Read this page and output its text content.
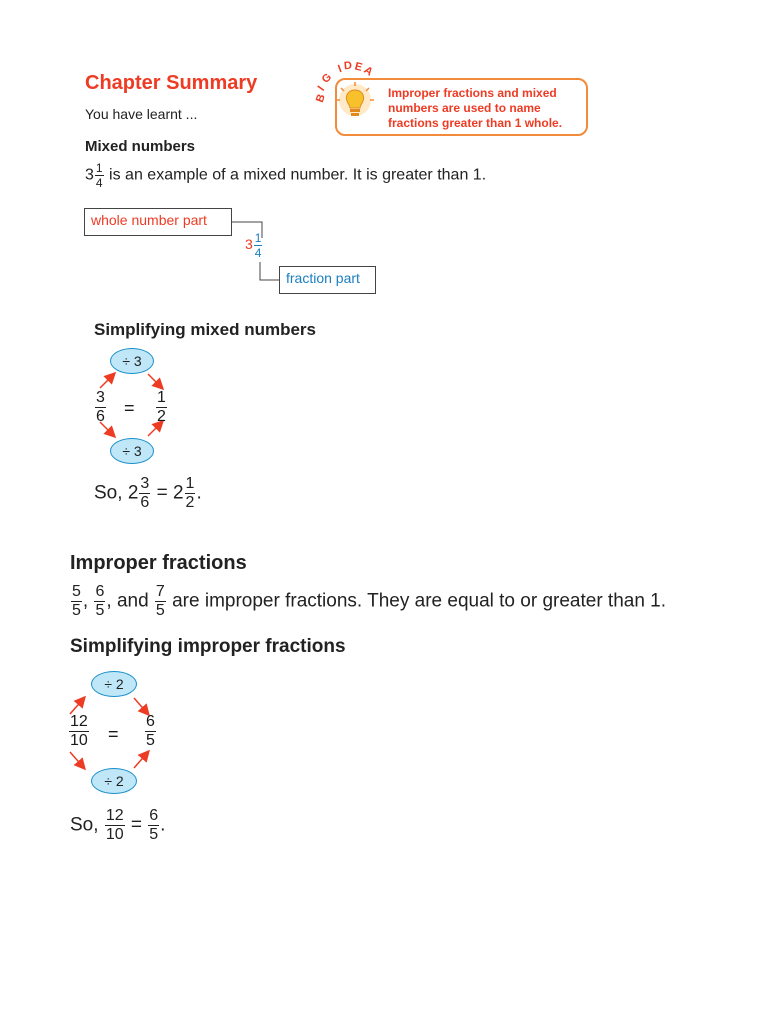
Chapter Summary
You have learnt ...
B
I
G
I D E
A
Improper fractions and mixed numbers are used to name fractions greater than 1 whole.
Mixed numbers
$3 \frac{1}{4}$ is an example of a mixed number. It is greater than 1.
whole number part
$3 \frac{1}{4}$
fraction part
Simplifying mixed numbers
÷ 3
÷ 3
$\frac{3}{6} = \frac{1}{2}$
So, $2 \frac{3}{6} = 2 \frac{1}{2}$ .
Improper fractions
$\frac{5}{5}$ , $\frac{6}{5}$ , and $\frac{7}{5}$ are improper fractions. They are equal to or greater than 1.
Simplifying improper fractions
÷ 2
÷ 2
$\frac{12}{10} = \frac{6}{5}$
So, $\frac{12}{10} = \frac{6}{5}$ .
